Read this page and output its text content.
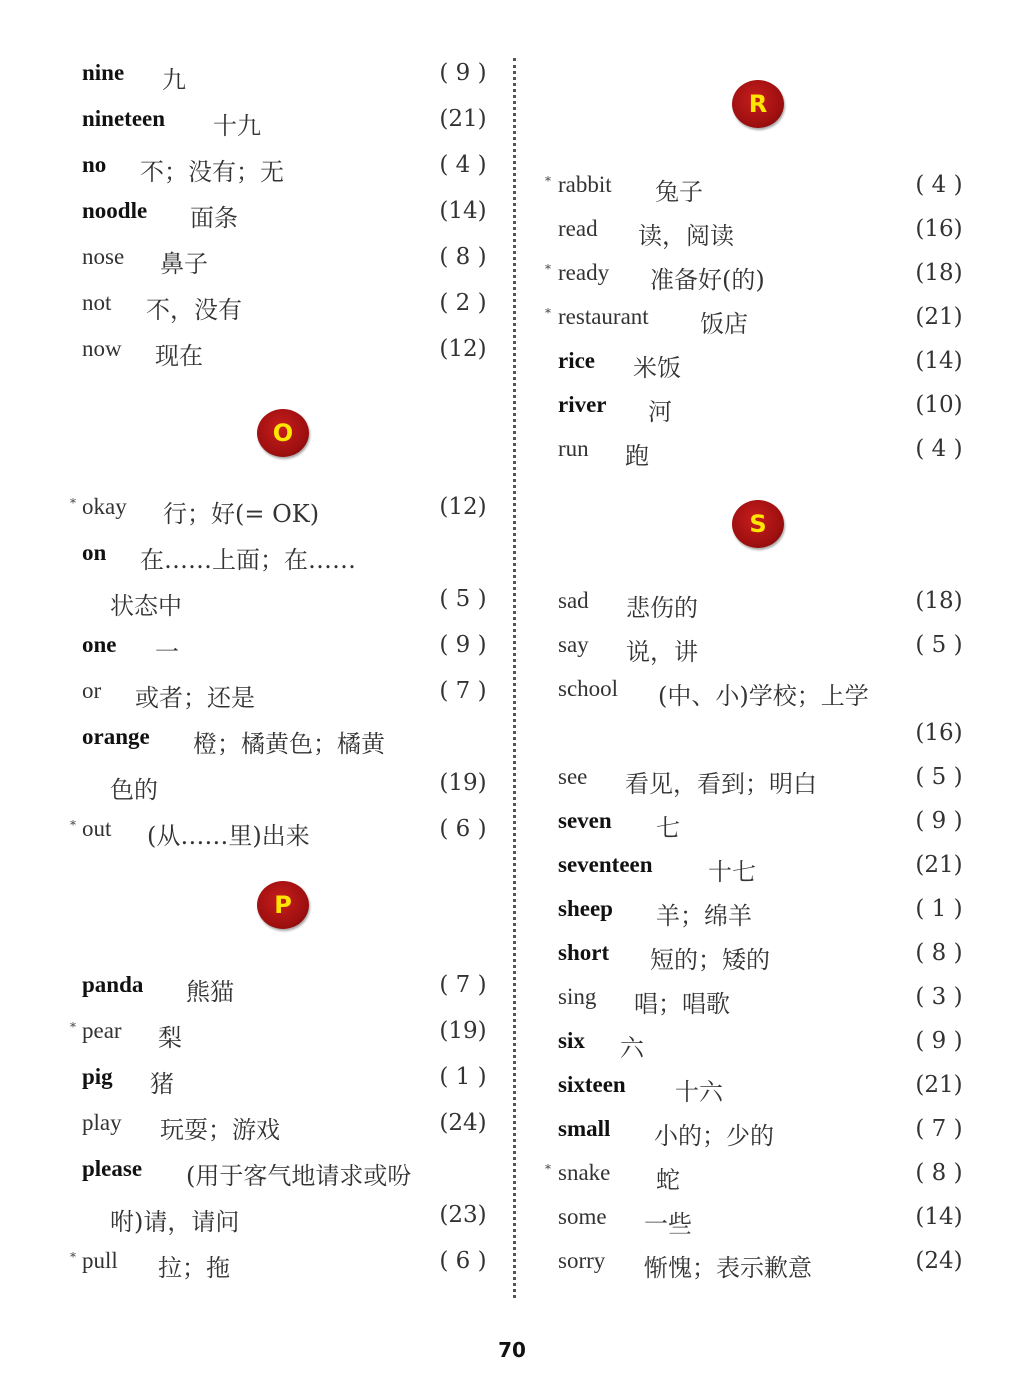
nine 九	( 9 )
nineteen 十九	(21)
no 不；没有；无	( 4 )
noodle 面条	(14)
nose 鼻子	( 8 )
not 不，没有	( 2 )
now 现在	(12)
O
* okay 行；好(= OK)	(12)
on 在……上面；在……
状态中	( 5 )
one 一	( 9 )
or 或者；还是	( 7 )
orange 橙；橘黄色；橘黄
色的	(19)
* out (从……里)出来	( 6 )
P
panda 熊猫	( 7 )
* pear 梨	(19)
pig 猪	( 1 )
play 玩耍；游戏	(24)
please (用于客气地请求或吩
咐)请，请问	(23)
* pull 拉；拖	( 6 )
R
* rabbit 兔子	( 4 )
read 读，阅读	(16)
* ready 准备好(的)	(18)
* restaurant 饭店	(21)
rice 米饭	(14)
river 河	(10)
run 跑	( 4 )
S
sad 悲伤的	(18)
say 说，讲	( 5 )
school (中、小)学校；上学
(16)
see 看见，看到；明白	( 5 )
seven 七	( 9 )
seventeen 十七	(21)
sheep 羊；绵羊	( 1 )
short 短的；矮的	( 8 )
sing 唱；唱歌	( 3 )
six 六	( 9 )
sixteen 十六	(21)
small 小的；少的	( 7 )
* snake 蛇	( 8 )
some 一些	(14)
sorry 惭愧；表示歉意	(24)
70
